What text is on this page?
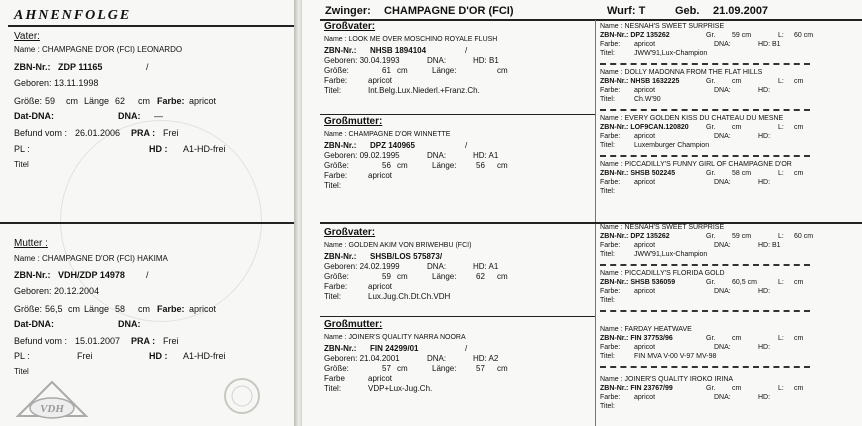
AHNENFOLGE
Vater:
Name : CHAMPAGNE D'OR (FCI) LEONARDO
ZBN-Nr.: ZDP 11165	/
Geboren: 13.11.1998
Größe: 59 cm Länge 62 cm Farbe: apricot
Dat-DNA:	DNA: —
Befund vom : 26.01.2006 PRA : Frei
PL :	HD : A1-HD-frei
Titel
Mutter :
Name : CHAMPAGNE D'OR (FCI) HAKIMA
ZBN-Nr.: VDH/ZDP 14978 /
Geboren: 20.12.2004
Größe: 56,5 cm Länge 58 cm Farbe: apricot
Dat-DNA:	DNA:
Befund vom : 15.01.2007 PRA : Frei
PL :	Frei	HD : A1-HD-frei
Titel
VDH
Zwinger: CHAMPAGNE D'OR (FCI)	Wurf: T	Geb. 21.09.2007
Großvater:
Name : LOOK ME OVER MOSCHINO ROYALE FLUSH
ZBN-Nr.: NHSB 1894104	/
Geboren: 30.04.1993	DNA:	HD: B1
Größe:	61 cm	Länge:	cm
Farbe:	apricot
Titel:	Int.Belg.Lux.Niederl.+Franz.Ch.
Großmutter:
Name : CHAMPAGNE D'OR WINNETTE
ZBN-Nr.: DPZ 140965	/
Geboren: 09.02.1995	DNA:	HD: A1
Größe:	56 cm	Länge: 56 cm
Farbe:	apricot
Titel:
Großvater:
Name : GOLDEN AKIM VON BRIWEHBU (FCI)
ZBN-Nr.: SHSB/LOS 575873/
Geboren: 24.02.1999	DNA:	HD: A1
Größe:	59 cm	Länge: 62 cm
Farbe:	apricot
Titel:	Lux.Jug.Ch.Dt.Ch.VDH
Großmutter:
Name : JOINER'S QUALITY NARRA NOORA
ZBN-Nr.: FIN 24299/01	/
Geboren: 21.04.2001	DNA:	HD: A2
Größe:	57 cm	Länge: 57 cm
Farbe	apricot
Titel:	VDP+Lux-Jug.Ch.
Name : NESNAH'S SWEET SURPRISE
ZBN-Nr.: DPZ 135262	Gr. 59 cm	L: 60 cm
Farbe: apricot	DNA:	HD: B1
Titel:	JWW'91,Lux-Champion
Name : DOLLY MADONNA FROM THE FLAT HILLS
ZBN-Nr.: NHSB 1632225	Gr. cm	L: cm
Farbe: apricot	DNA:	HD:
Titel:	Ch.W'90
Name : EVERY GOLDEN KISS DU CHATEAU DU MESNE
ZBN-Nr.: LOF9CAN.120820 Gr. cm	L: cm
Farbe: apricot	DNA:	HD:
Titel:	Luxemburger Champion
Name : PICCADILLY'S FUNNY GIRL OF CHAMPAGNE D'OR
ZBN-Nr.: SHSB 502245	Gr. 58 cm	L: cm
Farbe: apricot	DNA:	HD:
Titel:
Name : NESNAH'S SWEET SURPRISE
ZBN-Nr.: DPZ 135262	Gr. 59 cm	L: 60 cm
Farbe: apricot	DNA:	HD: B1
Titel:	JWW'91,Lux-Champion
Name : PICCADILLY'S FLORIDA GOLD
ZBN-Nr.: SHSB 536059	Gr. 60,5 cm	L: cm
Farbe: apricot	DNA:	HD:
Titel:
Name : FARDAY HEATWAVE
ZBN-Nr.: FIN 37753/96	Gr. cm	L: cm
Farbe: apricot	DNA:	HD:
Titel:	FIN MVA V-00 V-97 MV-98
Name : JOINER'S QUALITY IROKO IRINA
ZBN-Nr.: FIN 23767/99	Gr. cm	L: cm
Farbe: apricot	DNA:	HD:
Titel:
